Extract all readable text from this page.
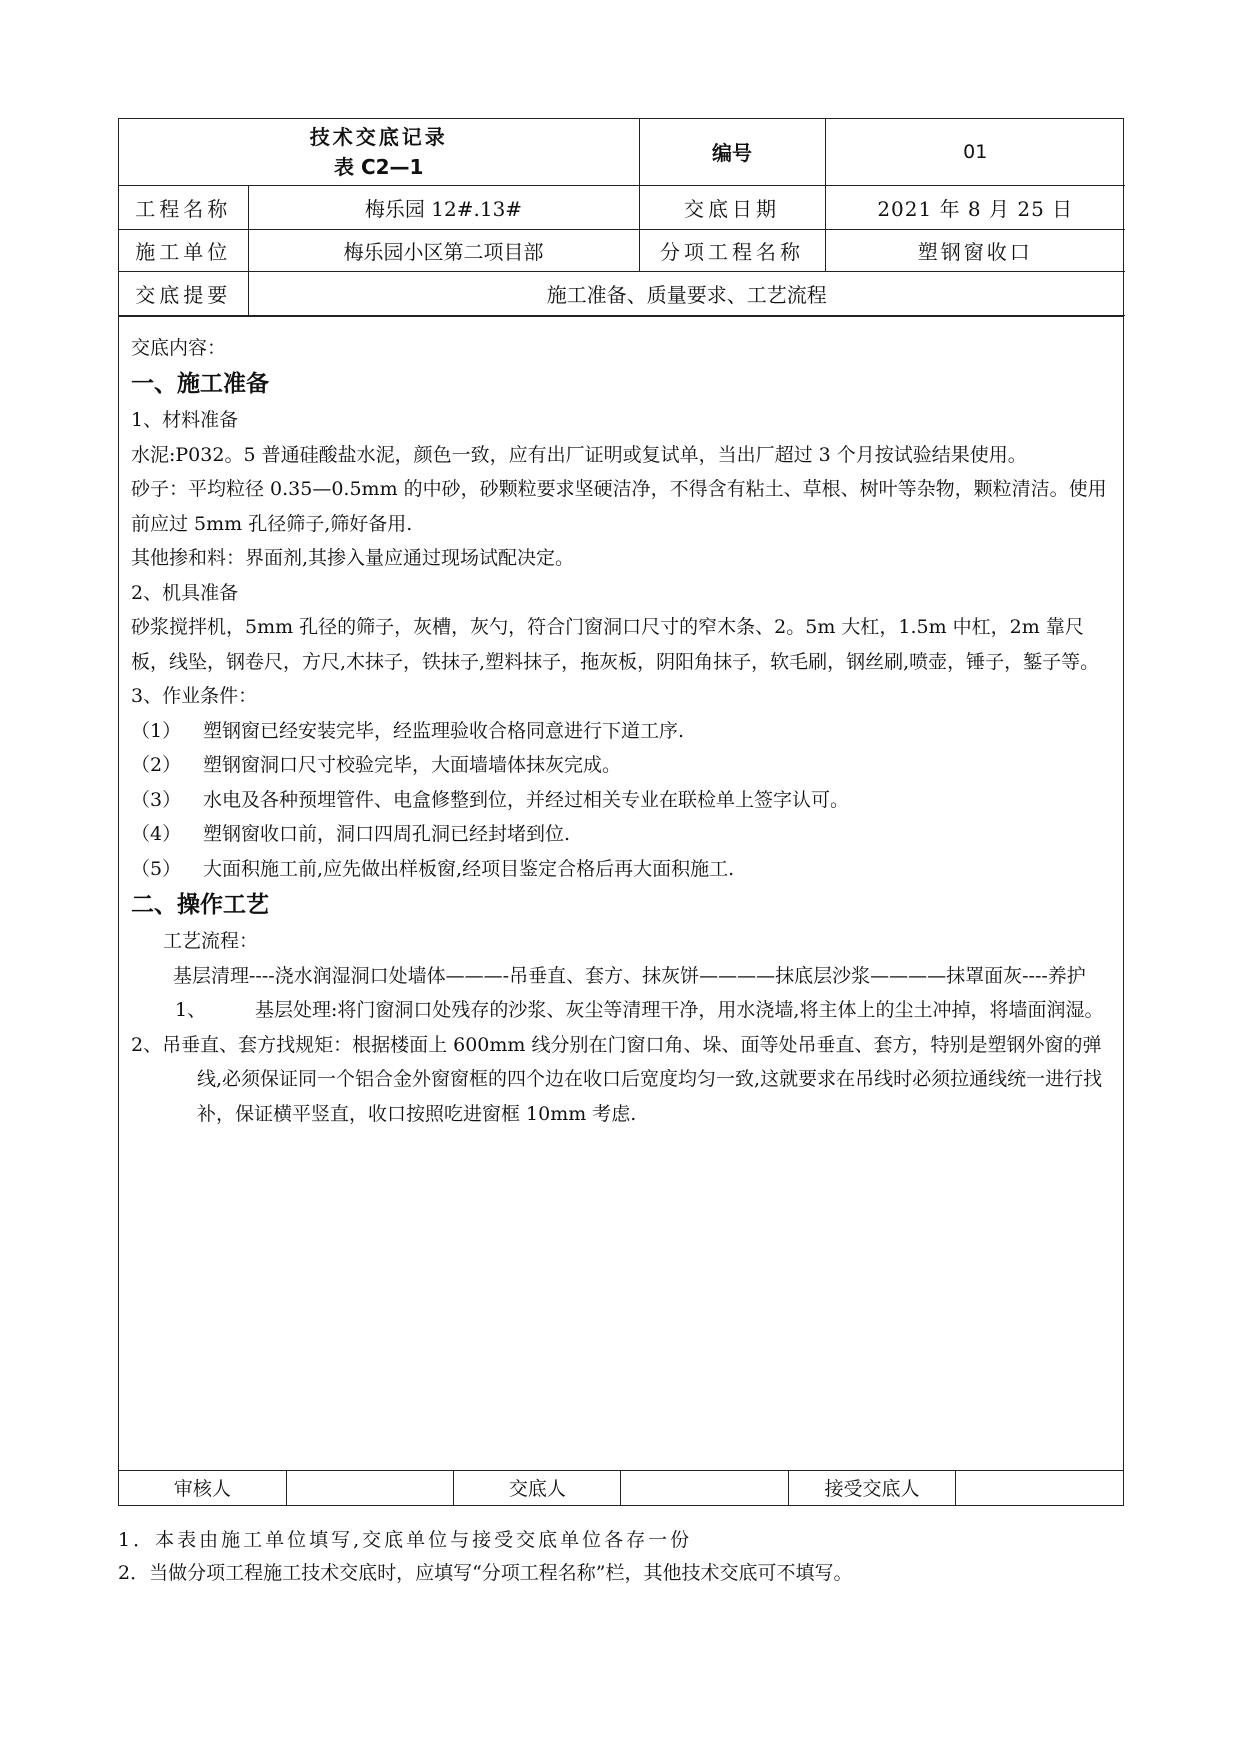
技术交底记录
表 C2—1		编号	01
工程名称	梅乐园 12#.13#	交底日期	2021 年 8 月 25 日
施工单位	梅乐园小区第二项目部	分项工程名称	塑钢窗收口
交底提要	施工准备、质量要求、工艺流程		

交底内容：

一、施工准备

1、材料准备

水泥:P032。5 普通硅酸盐水泥，颜色一致，应有出厂证明或复试单，当出厂超过 3 个月按试验结果使用。

砂子：平均粒径 0.35—0.5mm 的中砂，砂颗粒要求坚硬洁净，不得含有粘土、草根、树叶等杂物，颗粒清洁。使用前应过 5mm 孔径筛子,筛好备用.

其他掺和料：界面剂,其掺入量应通过现场试配决定。

2、机具准备

砂浆搅拌机，5mm 孔径的筛子，灰槽，灰勺，符合门窗洞口尺寸的窄木条、2。5m 大杠，1.5m 中杠，2m 靠尺板，线坠，钢卷尺，方尺,木抹子，铁抹子,塑料抹子，拖灰板，阴阳角抹子，软毛刷，钢丝刷,喷壶，锤子，錾子等。

3、作业条件：

（1）	塑钢窗已经安装完毕，经监理验收合格同意进行下道工序.
（2）	塑钢窗洞口尺寸校验完毕，大面墙墙体抹灰完成。
（3）	水电及各种预埋管件、电盒修整到位，并经过相关专业在联检单上签字认可。
（4）	塑钢窗收口前，洞口四周孔洞已经封堵到位.
（5）	大面积施工前,应先做出样板窗,经项目鉴定合格后再大面积施工.

二、操作工艺

工艺流程：

基层清理----浇水润湿洞口处墙体———-吊垂直、套方、抹灰饼————抹底层沙浆————抹罩面灰----养护

1、	基层处理:将门窗洞口处残存的沙浆、灰尘等清理干净，用水浇墙,将主体上的尘土冲掉，将墙面润湿。

2、吊垂直、套方找规矩：根据楼面上 600mm 线分别在门窗口角、垛、面等处吊垂直、套方，特别是塑钢外窗的弹线,必须保证同一个铝合金外窗窗框的四个边在收口后宽度均匀一致,这就要求在吊线时必须拉通线统一进行找补，保证横平竖直，收口按照吃进窗框 10mm 考虑.

审核人		交底人		接受交底人	

1．本表由施工单位填写,交底单位与接受交底单位各存一份

2．当做分项工程施工技术交底时，应填写“分项工程名称”栏，其他技术交底可不填写。
